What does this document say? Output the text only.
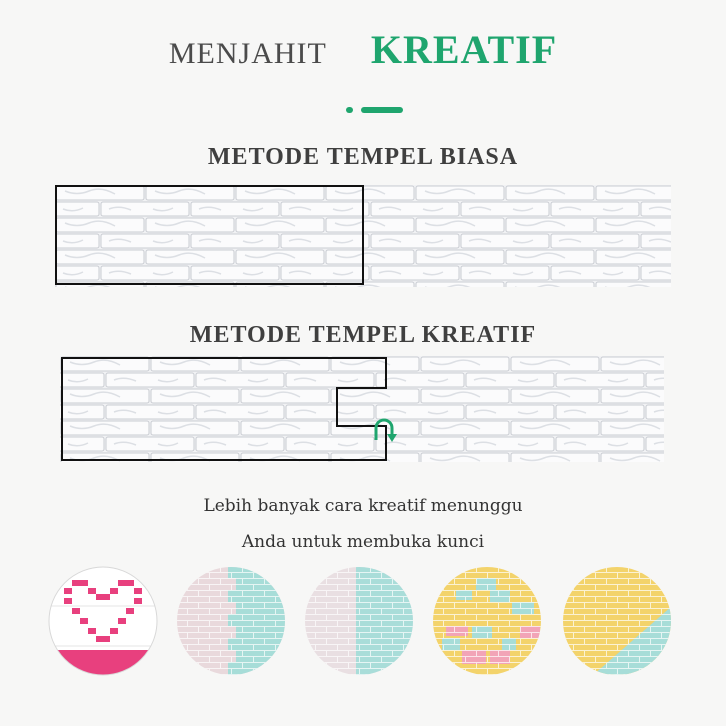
MENJAHIT KREATIF
METODE TEMPEL BIASA
METODE TEMPEL KREATIF
Lebih banyak cara kreatif menunggu
Anda untuk membuka kunci
